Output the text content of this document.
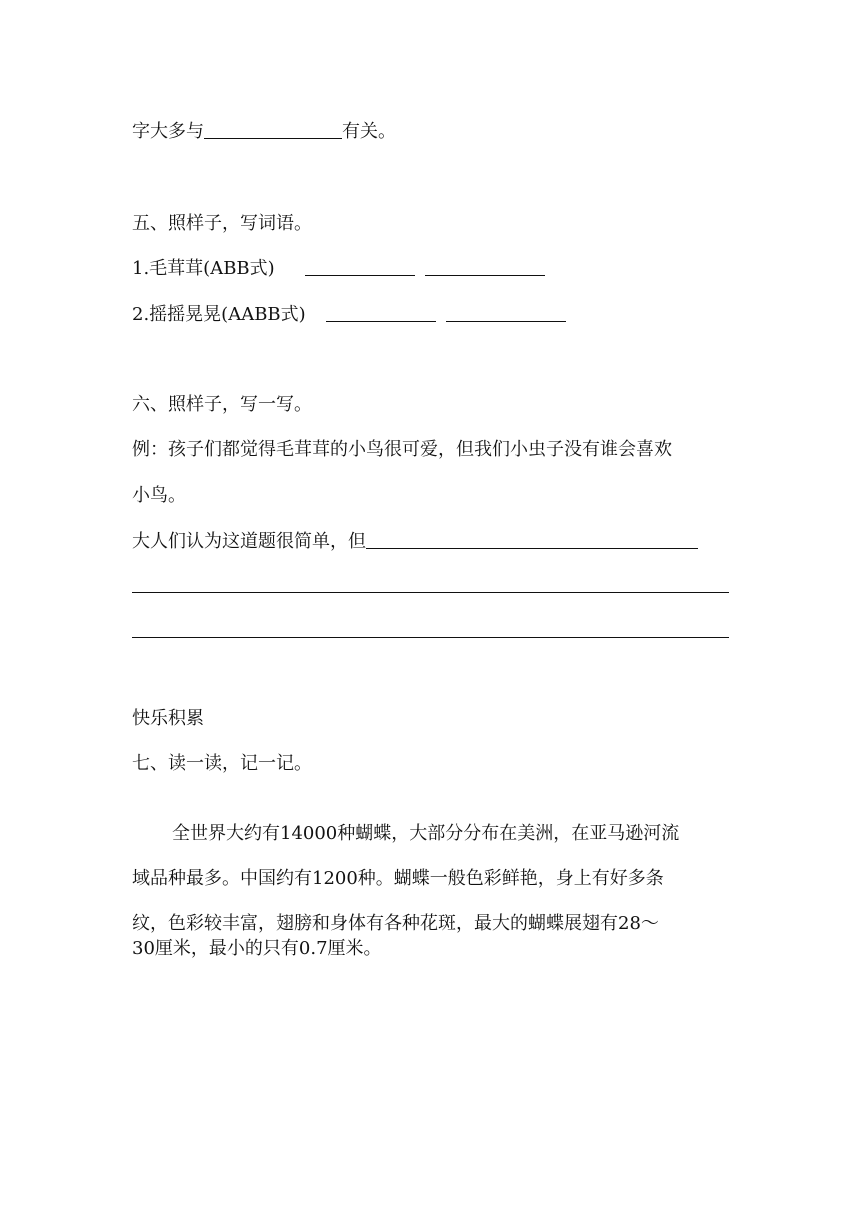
字大多与	有关。
五、照样子，写词语。
1.毛茸茸(ABB式)
2.摇摇晃晃(AABB式)
六、照样子，写一写。
例：孩子们都觉得毛茸茸的小鸟很可爱，但我们小虫子没有谁会喜欢
小鸟。
大人们认为这道题很简单，但
快乐积累
七、读一读，记一记。
全世界大约有14000种蝴蝶，大部分分布在美洲，在亚马逊河流
域品种最多。中国约有1200种。蝴蝶一般色彩鲜艳，身上有好多条
纹，色彩较丰富，翅膀和身体有各种花斑，最大的蝴蝶展翅有28～
30厘米，最小的只有0.7厘米。
